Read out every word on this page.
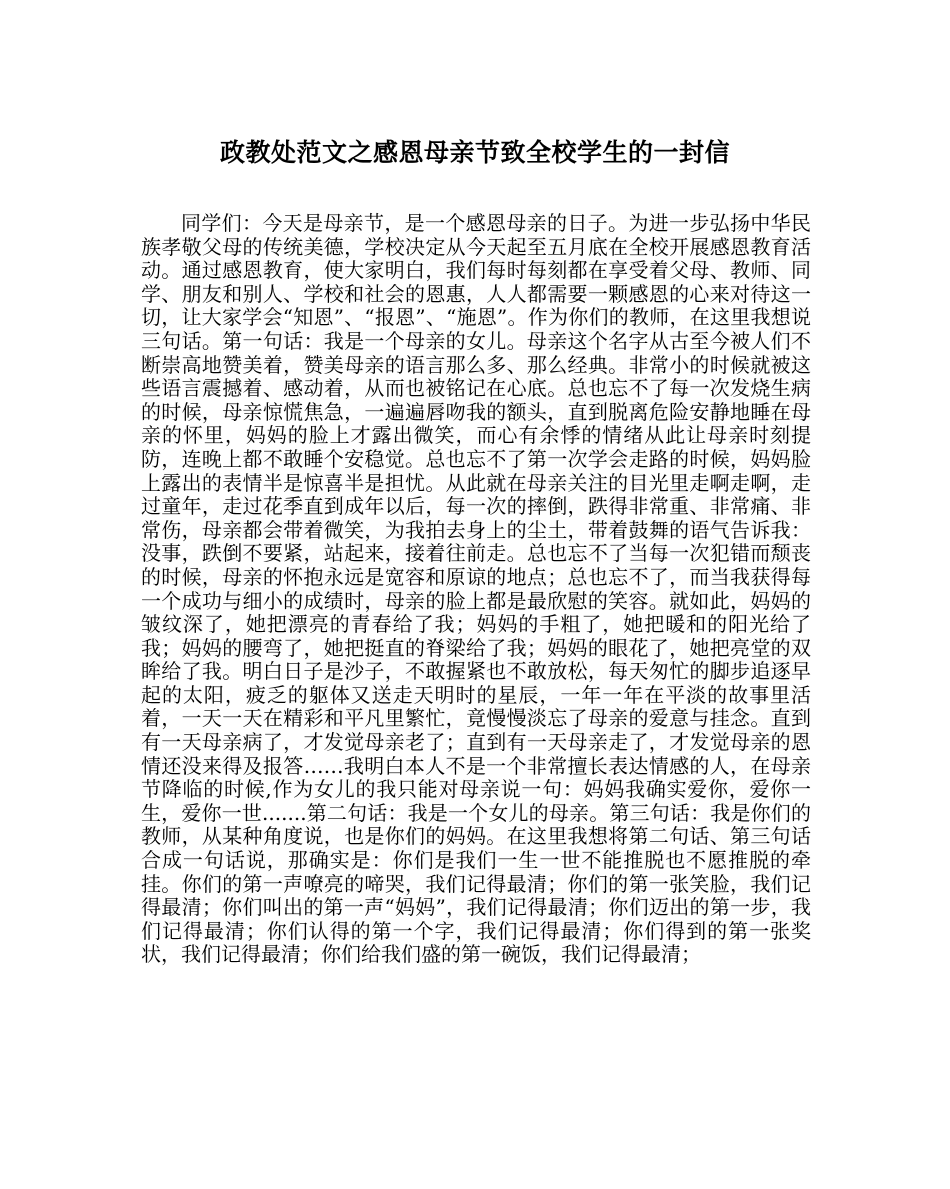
政教处范文之感恩母亲节致全校学生的一封信

同学们：今天是母亲节，是一个感恩母亲的日子。为进一步弘扬中华民族孝敬父母的传统美德，学校决定从今天起至五月底在全校开展感恩教育活动。通过感恩教育，使大家明白，我们每时每刻都在享受着父母、教师、同学、朋友和别人、学校和社会的恩惠，人人都需要一颗感恩的心来对待这一切，让大家学会“知恩”、“报恩”、“施恩”。作为你们的教师，在这里我想说三句话。第一句话：我是一个母亲的女儿。母亲这个名字从古至今被人们不断崇高地赞美着，赞美母亲的语言那么多、那么经典。非常小的时候就被这些语言震撼着、感动着，从而也被铭记在心底。总也忘不了每一次发烧生病的时候，母亲惊慌焦急，一遍遍唇吻我的额头，直到脱离危险安静地睡在母亲的怀里，妈妈的脸上才露出微笑，而心有余悸的情绪从此让母亲时刻提防，连晚上都不敢睡个安稳觉。总也忘不了第一次学会走路的时候，妈妈脸上露出的表情半是惊喜半是担忧。从此就在母亲关注的目光里走啊走啊，走过童年，走过花季直到成年以后，每一次的摔倒，跌得非常重、非常痛、非常伤，母亲都会带着微笑，为我拍去身上的尘土，带着鼓舞的语气告诉我：没事，跌倒不要紧，站起来，接着往前走。总也忘不了当每一次犯错而颓丧的时候，母亲的怀抱永远是宽容和原谅的地点；总也忘不了，而当我获得每一个成功与细小的成绩时，母亲的脸上都是最欣慰的笑容。就如此，妈妈的皱纹深了，她把漂亮的青春给了我；妈妈的手粗了，她把暖和的阳光给了我；妈妈的腰弯了，她把挺直的脊梁给了我；妈妈的眼花了，她把亮堂的双眸给了我。明白日子是沙子，不敢握紧也不敢放松，每天匆忙的脚步追逐早起的太阳，疲乏的躯体又送走天明时的星辰，一年一年在平淡的故事里活着，一天一天在精彩和平凡里繁忙，竟慢慢淡忘了母亲的爱意与挂念。直到有一天母亲病了，才发觉母亲老了；直到有一天母亲走了，才发觉母亲的恩情还没来得及报答……我明白本人不是一个非常擅长表达情感的人，在母亲节降临的时候,作为女儿的我只能对母亲说一句：妈妈我确实爱你，爱你一生，爱你一世.......第二句话：我是一个女儿的母亲。第三句话：我是你们的教师，从某种角度说，也是你们的妈妈。在这里我想将第二句话、第三句话合成一句话说，那确实是：你们是我们一生一世不能推脱也不愿推脱的牵挂。你们的第一声嘹亮的啼哭，我们记得最清；你们的第一张笑脸，我们记得最清；你们叫出的第一声“妈妈”，我们记得最清；你们迈出的第一步，我们记得最清；你们认得的第一个字，我们记得最清；你们得到的第一张奖状，我们记得最清；你们给我们盛的第一碗饭，我们记得最清；
